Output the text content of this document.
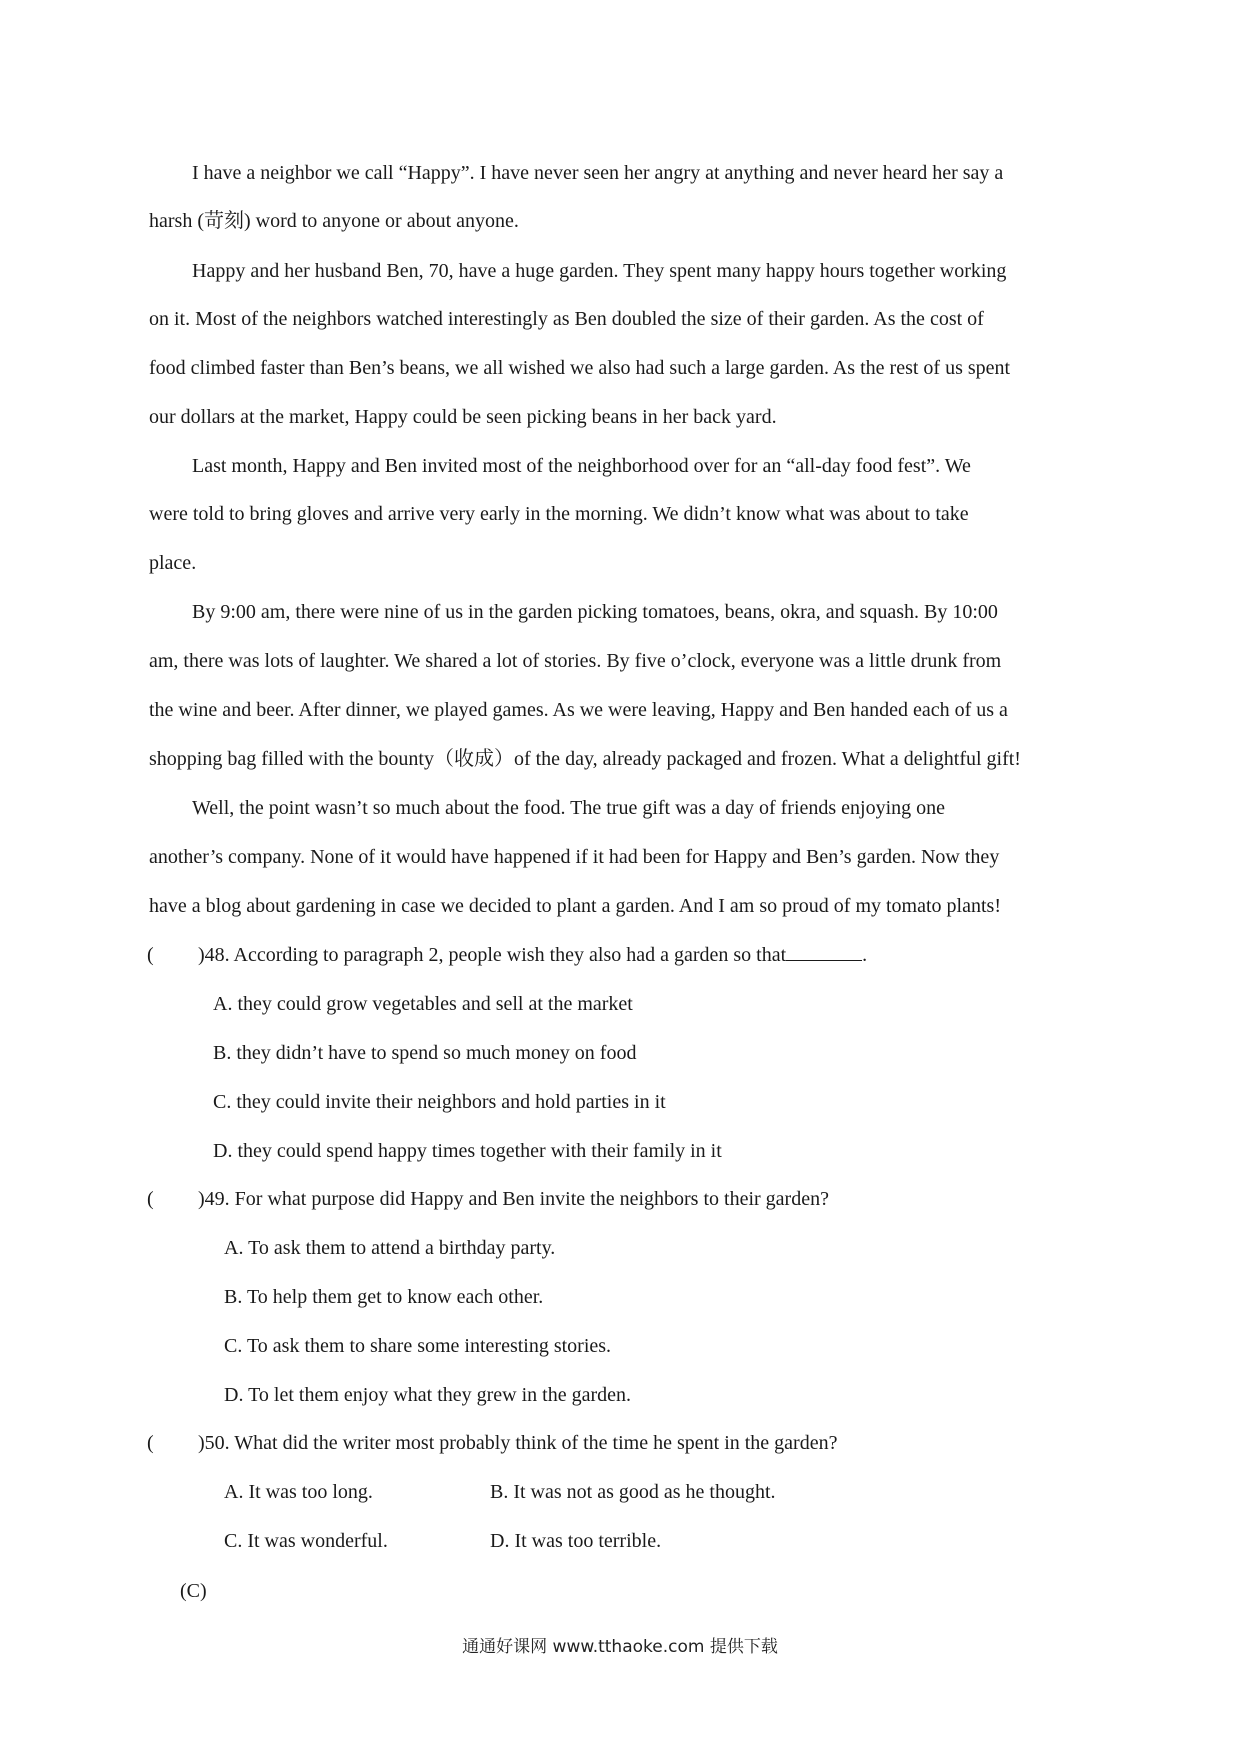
I have a neighbor we call “Happy”. I have never seen her angry at anything and never heard her say a
harsh (苛刻) word to anyone or about anyone.
Happy and her husband Ben, 70, have a huge garden. They spent many happy hours together working
on it. Most of the neighbors watched interestingly as Ben doubled the size of their garden. As the cost of
food climbed faster than Ben’s beans, we all wished we also had such a large garden. As the rest of us spent
our dollars at the market, Happy could be seen picking beans in her back yard.
Last month, Happy and Ben invited most of the neighborhood over for an “all-day food fest”. We
were told to bring gloves and arrive very early in the morning. We didn’t know what was about to take
place.
By 9:00 am, there were nine of us in the garden picking tomatoes, beans, okra, and squash. By 10:00
am, there was lots of laughter. We shared a lot of stories. By five o’clock, everyone was a little drunk from
the wine and beer. After dinner, we played games. As we were leaving, Happy and Ben handed each of us a
shopping bag filled with the bounty（收成）of the day, already packaged and frozen. What a delightful gift!
Well, the point wasn’t so much about the food. The true gift was a day of friends enjoying one
another’s company. None of it would have happened if it had been for Happy and Ben’s garden. Now they
have a blog about gardening in case we decided to plant a garden. And I am so proud of my tomato plants!
( )48. According to paragraph 2, people wish they also had a garden so that	.
A. they could grow vegetables and sell at the market
B. they didn’t have to spend so much money on food
C. they could invite their neighbors and hold parties in it
D. they could spend happy times together with their family in it
( )49. For what purpose did Happy and Ben invite the neighbors to their garden?
A. To ask them to attend a birthday party.
B. To help them get to know each other.
C. To ask them to share some interesting stories.
D. To let them enjoy what they grew in the garden.
( )50. What did the writer most probably think of the time he spent in the garden?
A. It was too long.	B. It was not as good as he thought.
C. It was wonderful.	D. It was too terrible.
(C)
通通好课网 www.tthaoke.com 提供下载
